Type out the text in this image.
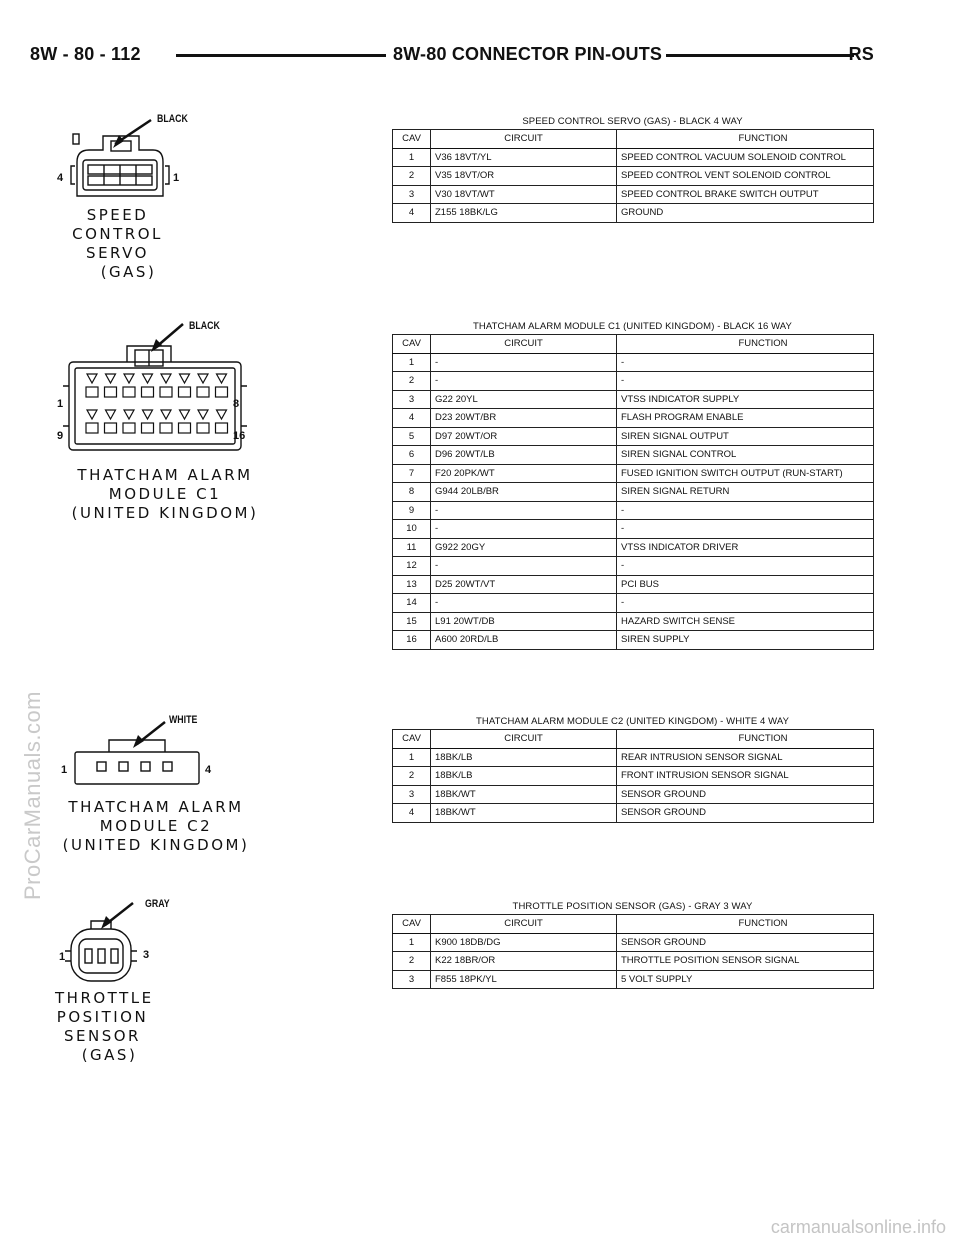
8W - 80 - 112	8W-80 CONNECTOR PIN-OUTS	RS
BLACK
4	1
SPEED
CONTROL
SERVO
(GAS)
SPEED CONTROL SERVO (GAS) - BLACK 4 WAY
CAV	CIRCUIT	FUNCTION
1	V36 18VT/YL	SPEED CONTROL VACUUM SOLENOID CONTROL
2	V35 18VT/OR	SPEED CONTROL VENT SOLENOID CONTROL
3	V30 18VT/WT	SPEED CONTROL BRAKE SWITCH OUTPUT
4	Z155 18BK/LG	GROUND
BLACK
1	8
9	16
THATCHAM ALARM
MODULE C1
(UNITED KINGDOM)
THATCHAM ALARM MODULE C1 (UNITED KINGDOM) - BLACK 16 WAY
CAV	CIRCUIT	FUNCTION
1	-	-
2	-	-
3	G22 20YL	VTSS INDICATOR SUPPLY
4	D23 20WT/BR	FLASH PROGRAM ENABLE
5	D97 20WT/OR	SIREN SIGNAL OUTPUT
6	D96 20WT/LB	SIREN SIGNAL CONTROL
7	F20 20PK/WT	FUSED IGNITION SWITCH OUTPUT (RUN-START)
8	G944 20LB/BR	SIREN SIGNAL RETURN
9	-	-
10	-	-
11	G922 20GY	VTSS INDICATOR DRIVER
12	-	-
13	D25 20WT/VT	PCI BUS
14	-	-
15	L91 20WT/DB	HAZARD SWITCH SENSE
16	A600 20RD/LB	SIREN SUPPLY
WHITE
1	4
THATCHAM ALARM
MODULE C2
(UNITED KINGDOM)
THATCHAM ALARM MODULE C2 (UNITED KINGDOM) - WHITE 4 WAY
CAV	CIRCUIT	FUNCTION
1	18BK/LB	REAR INTRUSION SENSOR SIGNAL
2	18BK/LB	FRONT INTRUSION SENSOR SIGNAL
3	18BK/WT	SENSOR GROUND
4	18BK/WT	SENSOR GROUND
GRAY
1	3
THROTTLE
POSITION
SENSOR
(GAS)
THROTTLE POSITION SENSOR (GAS) - GRAY 3 WAY
CAV	CIRCUIT	FUNCTION
1	K900 18DB/DG	SENSOR GROUND
2	K22 18BR/OR	THROTTLE POSITION SENSOR SIGNAL
3	F855 18PK/YL	5 VOLT SUPPLY
ProCarManuals.com
carmanualsonline.info
